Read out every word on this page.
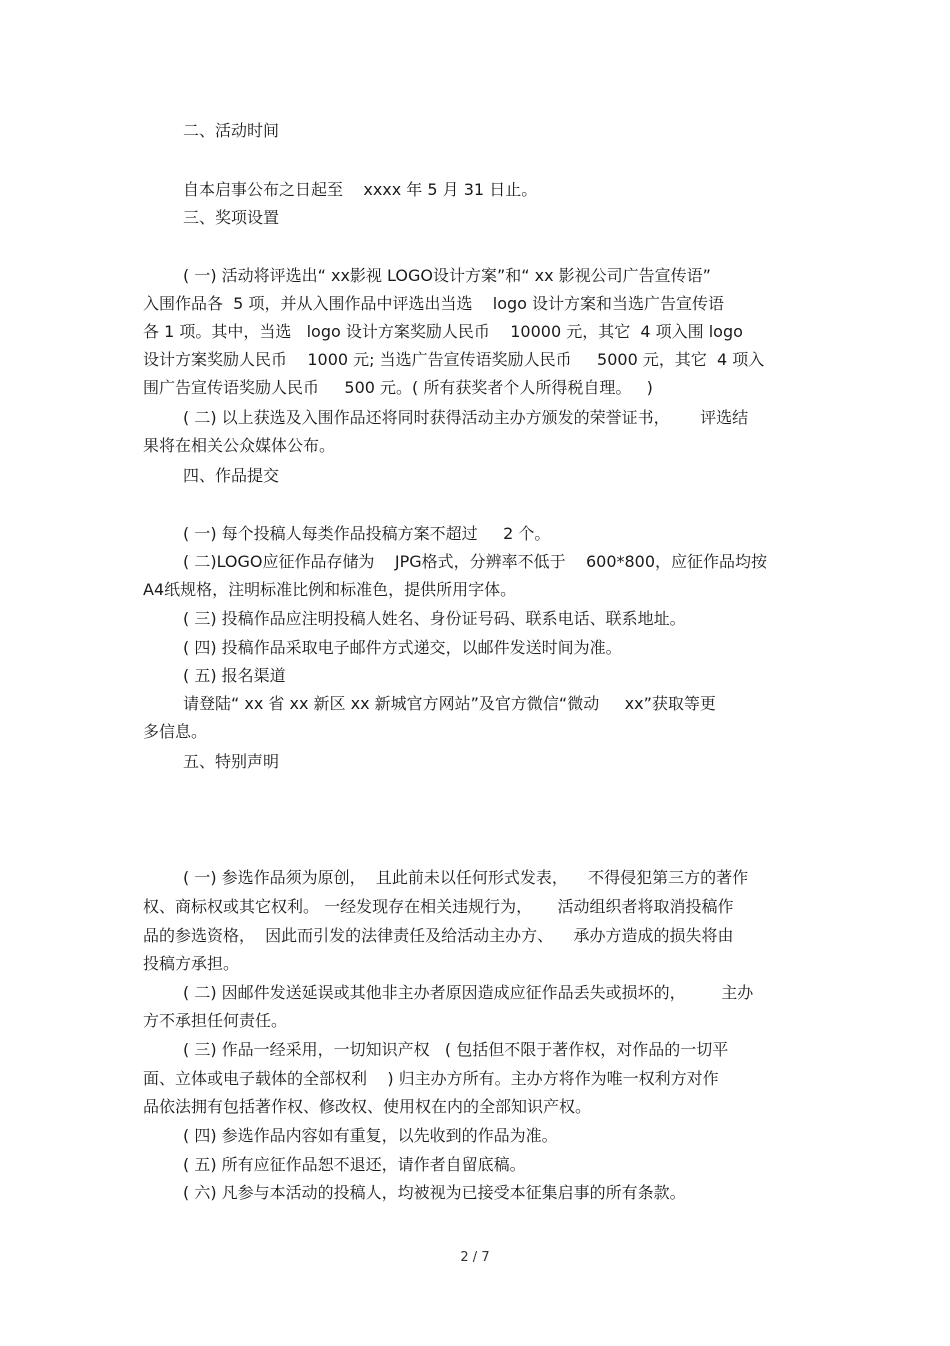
二、活动时间
自本启事公布之日起至    xxxx 年 5 月 31 日止。
三、奖项设置
( 一) 活动将评选出“ xx影视 LOGO设计方案”和“ xx 影视公司广告宣传语”
入围作品各  5 项，并从入围作品中评选出当选    logo 设计方案和当选广告宣传语
各 1 项。其中，当选   logo 设计方案奖励人民币    10000 元，其它  4 项入围 logo
设计方案奖励人民币    1000 元; 当选广告宣传语奖励人民币     5000 元，其它  4 项入
围广告宣传语奖励人民币     500 元。( 所有获奖者个人所得税自理。   )
( 二) 以上获选及入围作品还将同时获得活动主办方颁发的荣誉证书，      评选结
果将在相关公众媒体公布。
四、作品提交
( 一) 每个投稿人每类作品投稿方案不超过     2 个。
( 二)LOGO应征作品存储为    JPG格式，分辨率不低于    600*800，应征作品均按
A4纸规格，注明标准比例和标准色，提供所用字体。
( 三) 投稿作品应注明投稿人姓名、身份证号码、联系电话、联系地址。
( 四) 投稿作品采取电子邮件方式递交，以邮件发送时间为准。
( 五) 报名渠道
请登陆“ xx 省 xx 新区 xx 新城官方网站”及官方微信“微动     xx”获取等更
多信息。
五、特别声明
( 一) 参选作品须为原创，  且此前未以任何形式发表，    不得侵犯第三方的著作
权、商标权或其它权利。 一经发现存在相关违规行为，     活动组织者将取消投稿作
品的参选资格，  因此而引发的法律责任及给活动主办方、    承办方造成的损失将由
投稿方承担。
( 二) 因邮件发送延误或其他非主办者原因造成应征作品丢失或损坏的，       主办
方不承担任何责任。
( 三) 作品一经采用，一切知识产权   ( 包括但不限于著作权，对作品的一切平
面、立体或电子载体的全部权利    ) 归主办方所有。主办方将作为唯一权利方对作
品依法拥有包括著作权、修改权、使用权在内的全部知识产权。
( 四) 参选作品内容如有重复，以先收到的作品为准。
( 五) 所有应征作品恕不退还，请作者自留底稿。
( 六) 凡参与本活动的投稿人，均被视为已接受本征集启事的所有条款。
2 / 7
